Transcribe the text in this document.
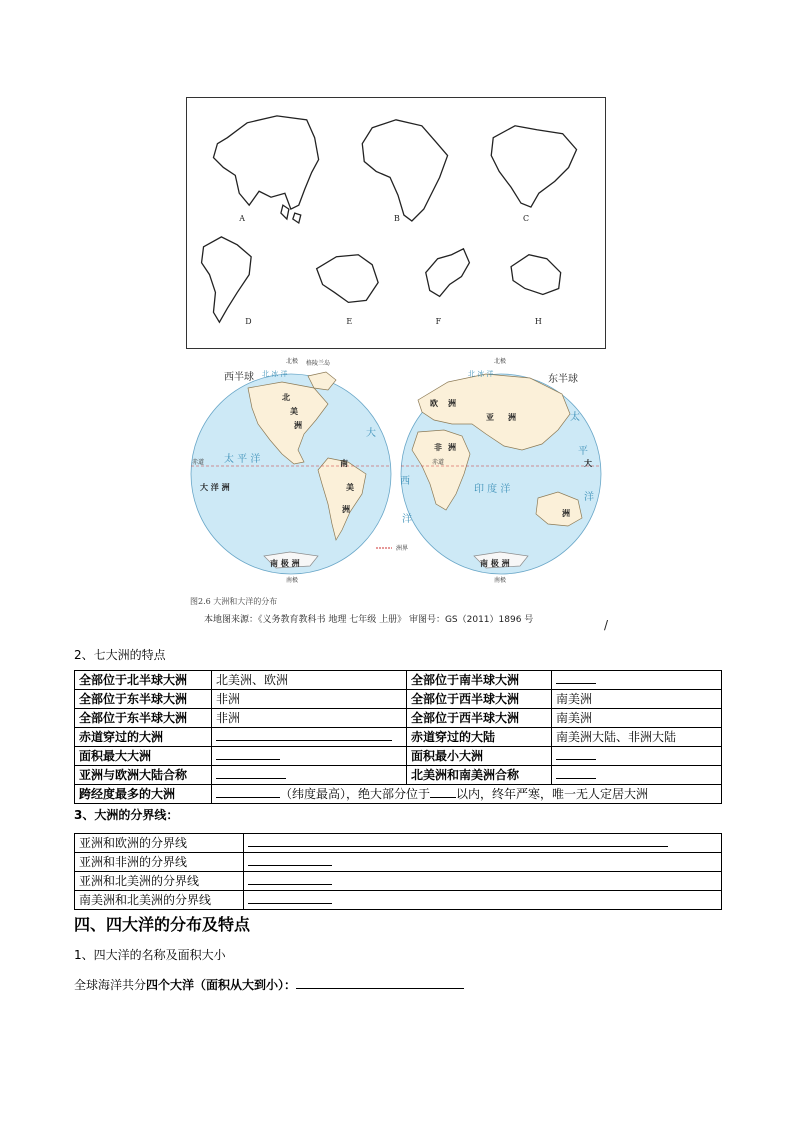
A	B	C
D	E	F	H
西半球	东半球
北极 格陵兰岛	北极
南极	南极
赤道	赤道
洲界
北 冰 洋
北
美
洲
太 平 洋
大 洋 洲
南
美
洲
大
南 极 洲
北 冰 洋
欧 洲
亚 洲
非 洲
印 度 洋
西
洋
太
平
大
洋
洲
南 极 洲
图2.6 大洲和大洋的分布
本地图来源：《义务教育教科书 地理 七年级 上册》 审图号：GS（2011）1896 号	/
2、七大洲的特点
全部位于北半球大洲	北美洲、欧洲	全部位于南半球大洲	
全部位于东半球大洲	非洲	全部位于西半球大洲	南美洲
全部位于东半球大洲	非洲	全部位于西半球大洲	南美洲
赤道穿过的大洲		赤道穿过的大陆	南美洲大陆、非洲大陆
面积最大大洲		面积最小大洲	
亚洲与欧洲大陆合称		北美洲和南美洲合称	
跨经度最多的大洲	（纬度最高），绝大部分位于 以内，终年严寒，唯一无人定居大洲		
3、大洲的分界线：
亚洲和欧洲的分界线	
亚洲和非洲的分界线	
亚洲和北美洲的分界线	
南美洲和北美洲的分界线	
四、四大洋的分布及特点
1、四大洋的名称及面积大小
全球海洋共分四个大洋（面积从大到小）：
